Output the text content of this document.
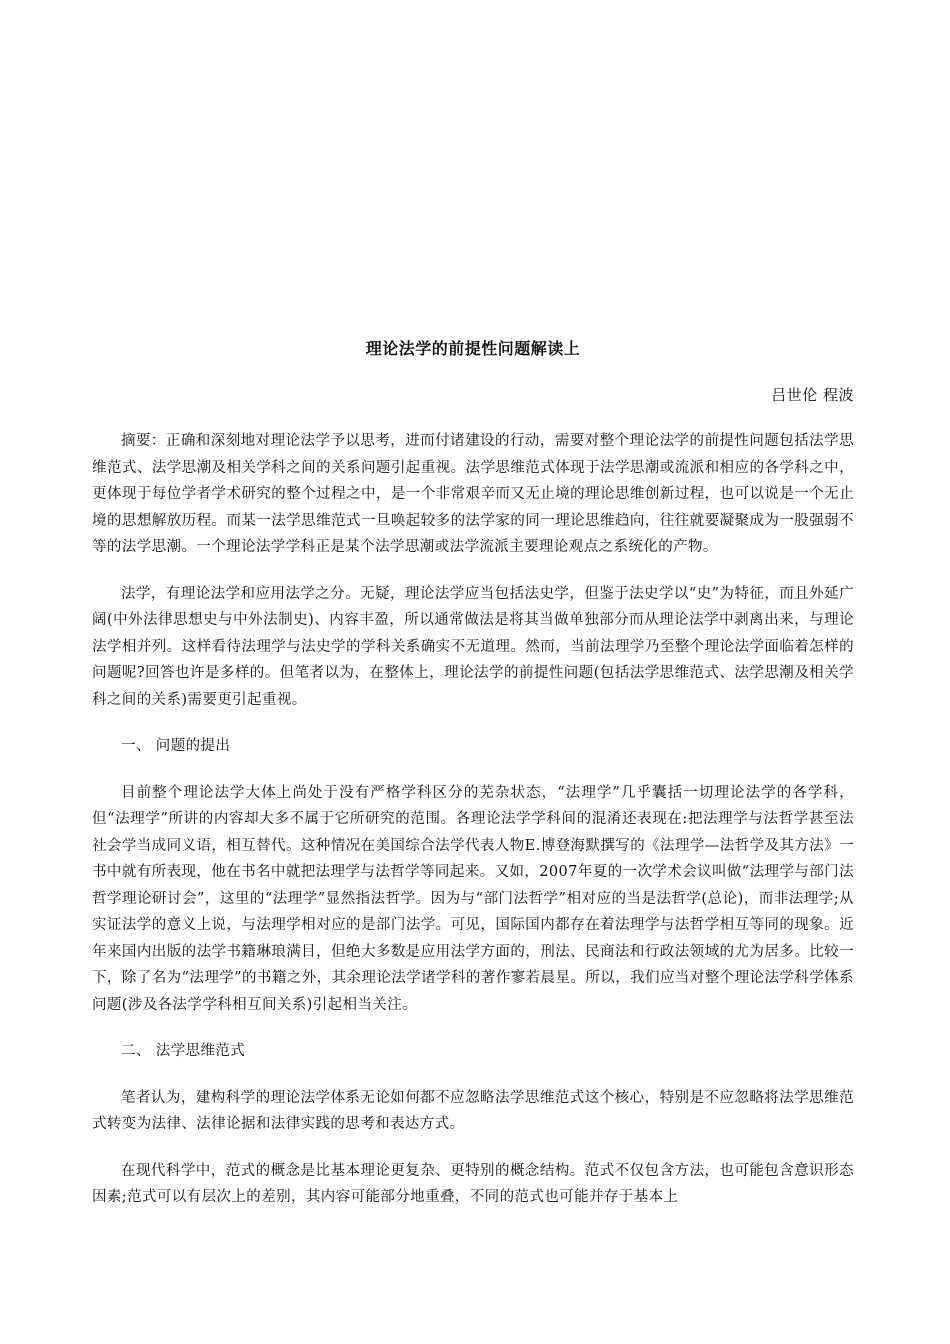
理论法学的前提性问题解读上
吕世伦 程波

摘要：正确和深刻地对理论法学予以思考，进而付诸建设的行动，需要对整个理论法学的前提性问题包括法学思维范式、法学思潮及相关学科之间的关系问题引起重视。法学思维范式体现于法学思潮或流派和相应的各学科之中，更体现于每位学者学术研究的整个过程之中，是一个非常艰辛而又无止境的理论思维创新过程，也可以说是一个无止境的思想解放历程。而某一法学思维范式一旦唤起较多的法学家的同一理论思维趋向，往往就要凝聚成为一股强弱不等的法学思潮。一个理论法学学科正是某个法学思潮或法学流派主要理论观点之系统化的产物。

法学，有理论法学和应用法学之分。无疑，理论法学应当包括法史学，但鉴于法史学以“史”为特征，而且外延广阔(中外法律思想史与中外法制史)、内容丰盈，所以通常做法是将其当做单独部分而从理论法学中剥离出来，与理论法学相并列。这样看待法理学与法史学的学科关系确实不无道理。然而，当前法理学乃至整个理论法学面临着怎样的问题呢?回答也许是多样的。但笔者以为，在整体上，理论法学的前提性问题(包括法学思维范式、法学思潮及相关学科之间的关系)需要更引起重视。

一、 问题的提出

目前整个理论法学大体上尚处于没有严格学科区分的芜杂状态，“法理学”几乎囊括一切理论法学的各学科，但“法理学”所讲的内容却大多不属于它所研究的范围。各理论法学学科间的混淆还表现在:把法理学与法哲学甚至法社会学当成同义语，相互替代。这种情况在美国综合法学代表人物E.博登海默撰写的《法理学—法哲学及其方法》一书中就有所表现，他在书名中就把法理学与法哲学等同起来。又如，2007年夏的一次学术会议叫做“法理学与部门法哲学理论研讨会”，这里的“法理学”显然指法哲学。因为与“部门法哲学”相对应的当是法哲学(总论)，而非法理学;从实证法学的意义上说，与法理学相对应的是部门法学。可见，国际国内都存在着法理学与法哲学相互等同的现象。近年来国内出版的法学书籍琳琅满目，但绝大多数是应用法学方面的，刑法、民商法和行政法领域的尤为居多。比较一下，除了名为“法理学”的书籍之外，其余理论法学诸学科的著作寥若晨星。所以，我们应当对整个理论法学科学体系问题(涉及各法学学科相互间关系)引起相当关注。

二、 法学思维范式

笔者认为，建构科学的理论法学体系无论如何都不应忽略法学思维范式这个核心，特别是不应忽略将法学思维范式转变为法律、法律论据和法律实践的思考和表达方式。

在现代科学中，范式的概念是比基本理论更复杂、更特别的概念结构。范式不仅包含方法，也可能包含意识形态因素;范式可以有层次上的差别，其内容可能部分地重叠，不同的范式也可能并存于基本上
